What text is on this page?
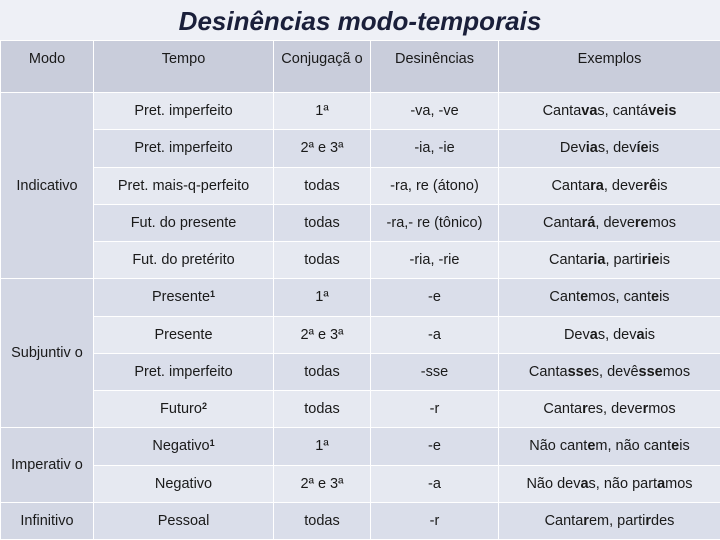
Desinências modo-temporais
Modo	Tempo	Conjugaçã o	Desinências	Exemplos
Indicativo	Pret. imperfeito	1ª	-va, -ve	Cantavas, cantáveis
	Pret. imperfeito	2ª e 3ª	-ia, -ie	Devias, devíeis
	Pret. mais-q-perfeito	todas	-ra, re (átono)	Cantara, deverêis
	Fut. do presente	todas	-ra,- re (tônico)	Cantará, deveremos
	Fut. do pretérito	todas	-ria, -rie	Cantaria, partirieis
Subjuntiv o	Presente$^1$	1ª	-e	Cantemos, canteis
	Presente	2ª e 3ª	-a	Devas, devais
	Pret. imperfeito	todas	-sse	Cantasses, devêssemos
	Futuro$^2$	todas	-r	Cantares, devermos
Imperativ o	Negativo$^1$	1ª	-e	Não cantem, não canteis
	Negativo	2ª e 3ª	-a	Não devas, não partamos
Infinitivo	Pessoal	todas	-r	Cantarem, partirdes
